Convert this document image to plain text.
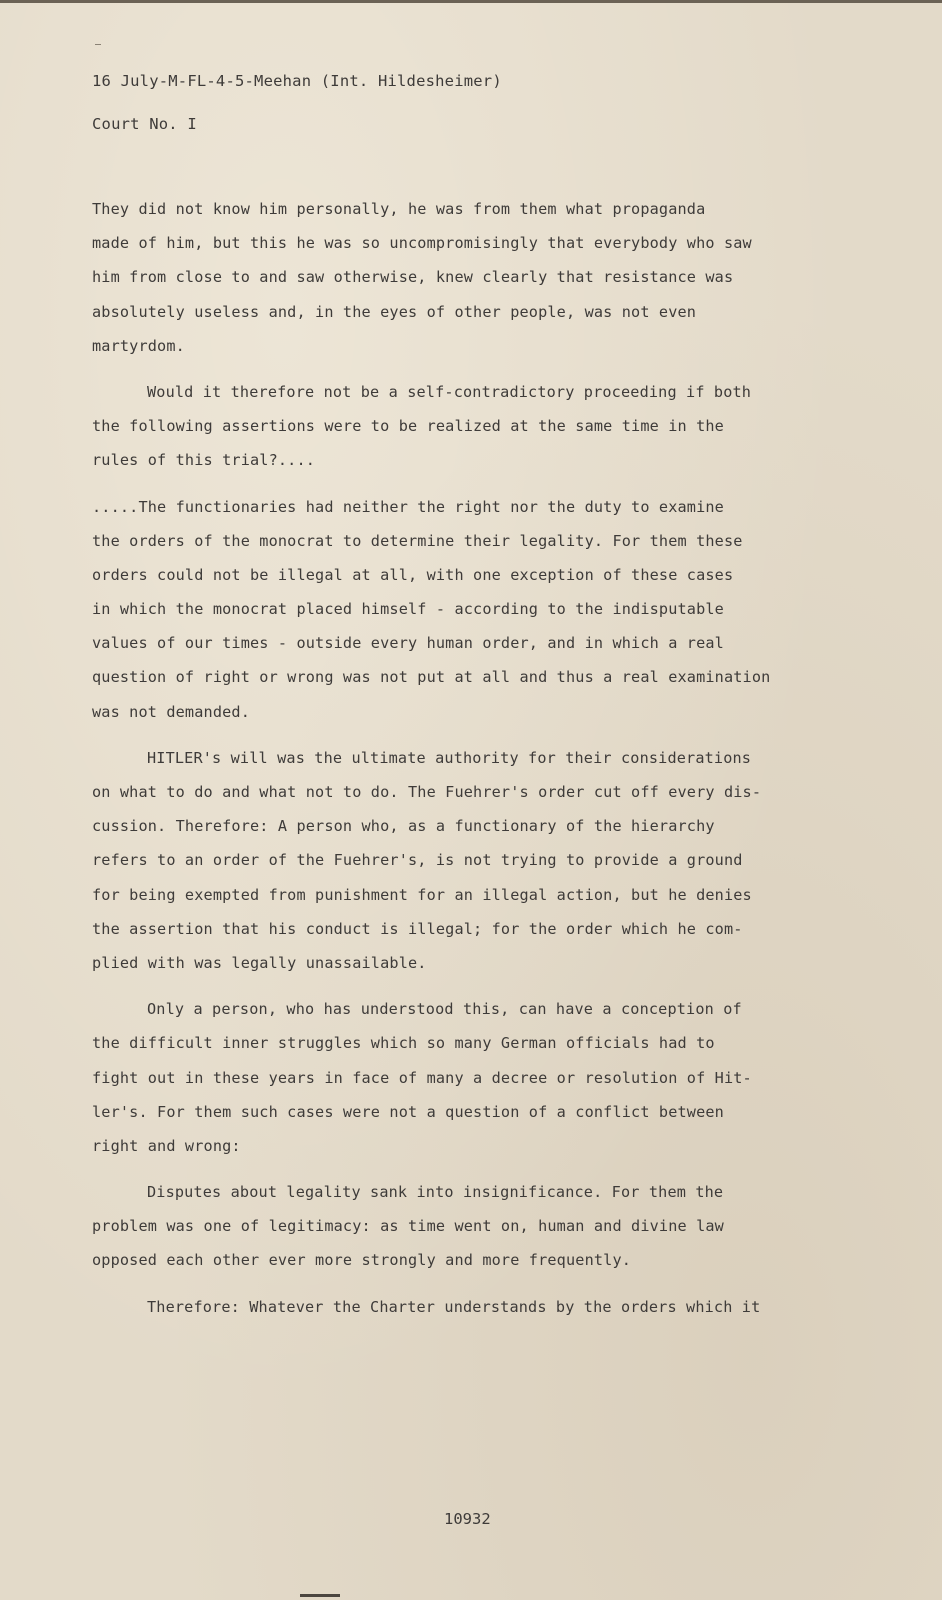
16 July-M-FL-4-5-Meehan (Int. Hildesheimer)
Court No. I
They did not know him personally, he was from them what propaganda
made of him, but this he was so uncompromisingly that everybody who saw
him from close to and saw otherwise, knew clearly that resistance was
absolutely useless and, in the eyes of other people, was not even
martyrdom.
Would it therefore not be a self-contradictory proceeding if both
the following assertions were to be realized at the same time in the
rules of this trial?....
.....The functionaries had neither the right nor the duty to examine
the orders of the monocrat to determine their legality. For them these
orders could not be illegal at all, with one exception of these cases
in which the monocrat placed himself - according to the indisputable
values of our times - outside every human order, and in which a real
question of right or wrong was not put at all and thus a real examination
was not demanded.
HITLER's will was the ultimate authority for their considerations
on what to do and what not to do. The Fuehrer's order cut off every dis-
cussion. Therefore: A person who, as a functionary of the hierarchy
refers to an order of the Fuehrer's, is not trying to provide a ground
for being exempted from punishment for an illegal action, but he denies
the assertion that his conduct is illegal; for the order which he com-
plied with was legally unassailable.
Only a person, who has understood this, can have a conception of
the difficult inner struggles which so many German officials had to
fight out in these years in face of many a decree or resolution of Hit-
ler's. For them such cases were not a question of a conflict between
right and wrong:
Disputes about legality sank into insignificance. For them the
problem was one of legitimacy: as time went on, human and divine law
opposed each other ever more strongly and more frequently.
Therefore: Whatever the Charter understands by the orders which it
10932
